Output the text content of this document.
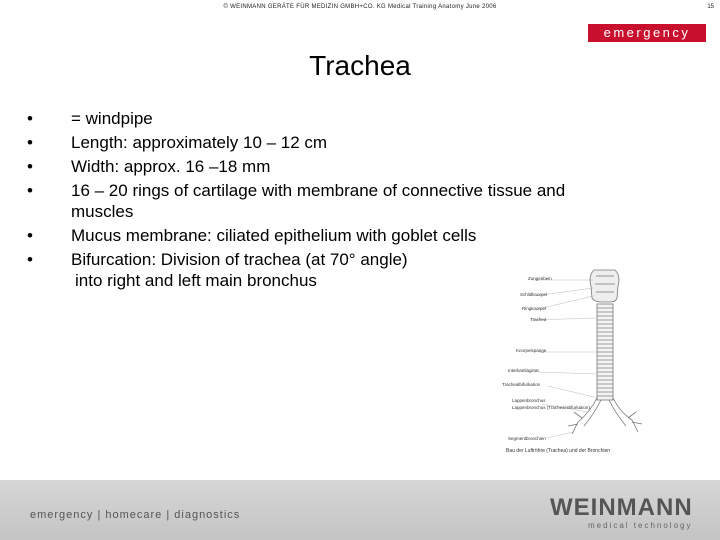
© WEINMANN GERÄTE FÜR MEDIZIN GMBH+CO. KG Medical Training Anatomy June 2006	15
emergency
Trachea
• = windpipe
• Length: approximately 10 – 12 cm
• Width: approx. 16 –18 mm
• 16 – 20 rings of cartilage with membrane of connective tissue and
muscles
• Mucus membrane: ciliated epithelium with goblet cells
• Bifurcation: Division of trachea (at 70° angle)
into right and left main bronchus	Zungenbein
Schildknorpel
Ringknorpel
Trachea
Knorpelspange
Interkartilaginär
Trachealbifurkation
Lappenbronchus
Lappenbronchus (Tracheal-Bifurkation)
Segmentbronchien
Bau der Luftröhre (Trachea) und der Bronchien
emergency | homecare | diagnostics	WEINMANN
medical technology
